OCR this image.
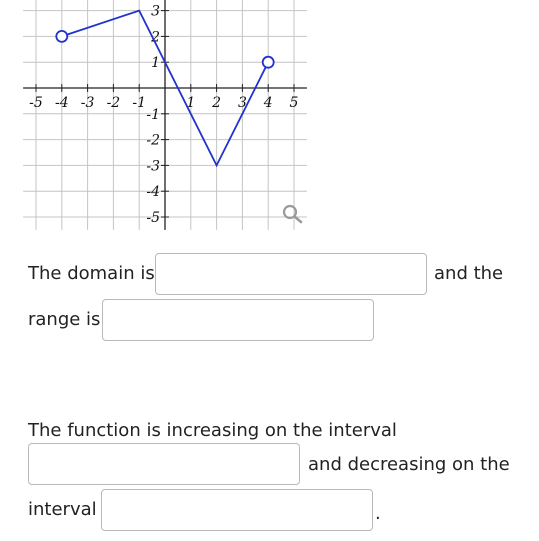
-5 -4 -3 -2 -1	1 2 3 4 5
3
2
1
-1
-2
-3
-4
-5
The domain is	and the
range is
The function is increasing on the interval
and decreasing on the
interval	.
